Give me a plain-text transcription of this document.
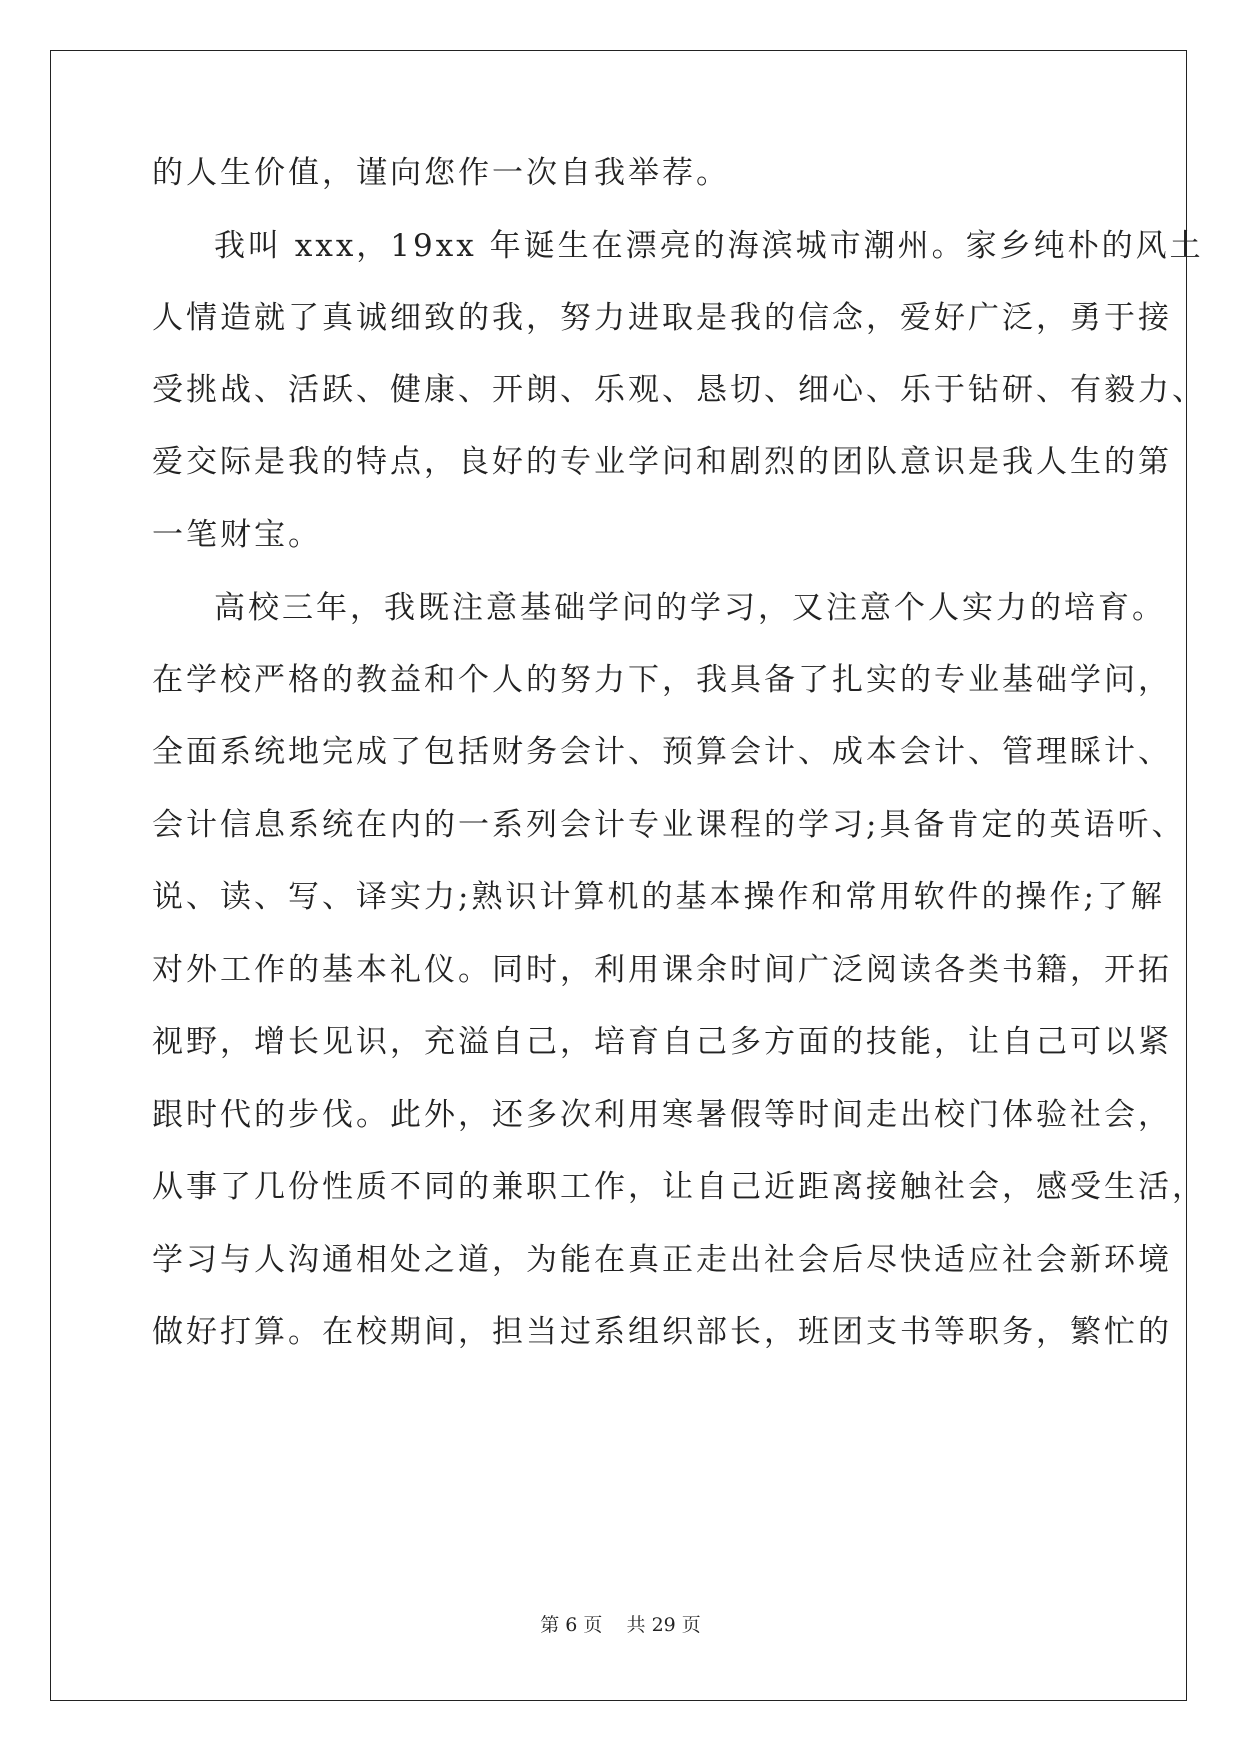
的人生价值，谨向您作一次自我举荐。
我叫 xxx，19xx 年诞生在漂亮的海滨城市潮州。家乡纯朴的风土
人情造就了真诚细致的我，努力进取是我的信念，爱好广泛，勇于接
受挑战、活跃、健康、开朗、乐观、恳切、细心、乐于钻研、有毅力、
爱交际是我的特点，良好的专业学问和剧烈的团队意识是我人生的第
一笔财宝。
高校三年，我既注意基础学问的学习，又注意个人实力的培育。
在学校严格的教益和个人的努力下，我具备了扎实的专业基础学问，
全面系统地完成了包括财务会计、预算会计、成本会计、管理睬计、
会计信息系统在内的一系列会计专业课程的学习;具备肯定的英语听、
说、读、写、译实力;熟识计算机的基本操作和常用软件的操作;了解
对外工作的基本礼仪。同时，利用课余时间广泛阅读各类书籍，开拓
视野，增长见识，充溢自己，培育自己多方面的技能，让自己可以紧
跟时代的步伐。此外，还多次利用寒暑假等时间走出校门体验社会，
从事了几份性质不同的兼职工作，让自己近距离接触社会，感受生活，
学习与人沟通相处之道，为能在真正走出社会后尽快适应社会新环境
做好打算。在校期间，担当过系组织部长，班团支书等职务，繁忙的
第 6 页    共 29 页
